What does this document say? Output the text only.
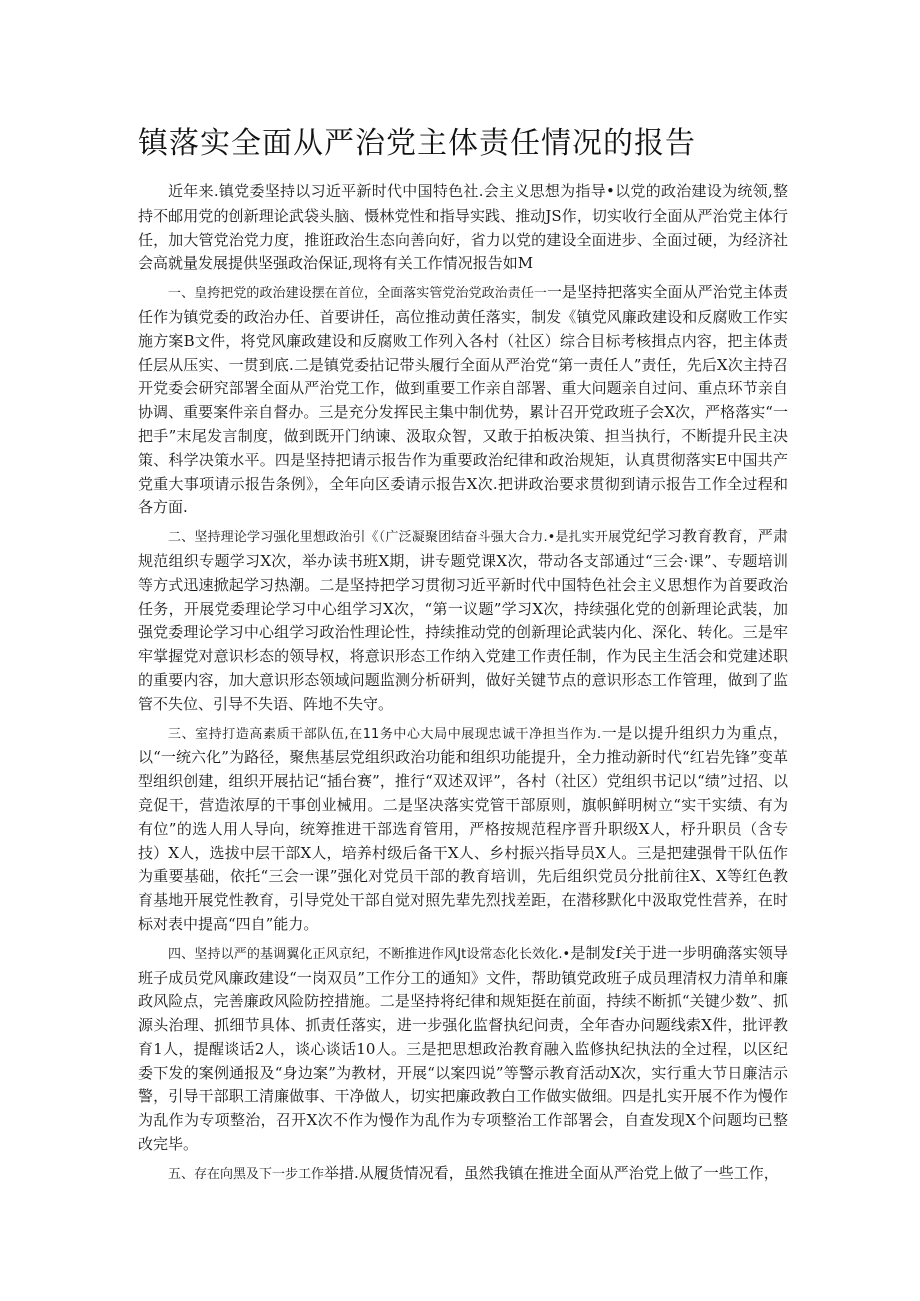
镇落实全面从严治党主体责任情况的报告

近年来.镇党委坚持以习近平新时代中国特色社.会主义思想为指导•以党的政治建设为统领,整持不邮用党的创新理论武袋头脑、慑林党性和指导实践、推动JS作，切实收行全面从严治党主体行任，加大管党治党力度，推诳政治生态向善向好，省力以党的建设全面进步、全面过硬，为经济社会高就量发展提供坚强政治保证,现将有关工作情况报告如M

一、皇挎把党的政治建设摆在首位，全面落实管党治党政治责任一一是坚持把落实全面从严治党主体责任作为镇党委的政治办任、首要讲任，高位推动黄任落实，制发《镇党风廉政建设和反腐败工作实施方案B文件，将党风廉政建设和反腐败工作列入各村（社区）综合目标考核揖点内容，把主体责任层从压实、一贯到底.二是镇党委拈记带头履行全面从严治党“第一责任人”责任，先后X次主持召开党委会研究部署全面从严治党工作，做到重要工作亲自部署、重大问题亲自过问、重点环节亲自协调、重要案件亲自督办。三是充分发挥民主集中制优势，累计召开党政班子会X次，严格落实“一把手”末尾发言制度，做到既开门纳谏、汲取众智，又敢于拍板决策、担当执行，不断提升民主决策、科学决策水平。四是坚持把请示报告作为重要政治纪律和政治规矩，认真贯彻落实E中国共产党重大事项请示报告条例》，全年向区委请示报告X次.把讲政治要求贯彻到请示报告工作全过程和各方面.

二、坚持理论学习强化里想政治引《（广泛凝聚团结奋斗强大合力.•是扎实开展党纪学习教育教育，严肃规范组织专题学习X次，举办读书班X期，讲专题党课X次，带动各支部通过“三会·课”、专题培训等方式迅速掀起学习热潮。二是坚持把学习贯彻习近平新时代中国特色社会主义思想作为首要政治任务，开展党委理论学习中心组学习X次，“第一议题”学习X次，持续强化党的创新理论武装，加强党委理论学习中心组学习政治性理论性，持续推动党的创新理论武装内化、深化、转化。三是牢牢掌握党对意识杉态的领导权，将意识形态工作纳入党建工作责任制，作为民主生活会和党建述职的重要内容，加大意识形态领域问题监测分析研判，做好关键节点的意识形态工作管理，做到了监管不失位、引导不失语、阵地不失守。

三、室持打造高素质干部队伍,在11务中心大局中展现忠诚干净担当作为.一是以提升组织力为重点，以“一统六化”为路径，聚焦基层党组织政治功能和组织功能提升，全力推动新时代“红岩先锋”变革型组织创建，组织开展拈记“插台赛”，推行“双述双评”，各村（社区）党组织书记以“绩”过招、以竞促干，营造浓厚的干事创业械用。二是坚决落实党管干部原则，旗帜鲜明树立“实干实绩、有为有位”的选人用人导向，统筹推进干部选育管用，严格按规范程序晋升职级X人，杼升职员（含专技）X人，选拔中层干部X人，培养村级后备干X人、乡村振兴指导员X人。三是把建强骨干队伍作为重要基础，依托“三会一课”强化对党员干部的教育培训，先后组织党员分批前往X、X等红色教育基地开展党性教育，引导党处干部自觉对照先辈先烈找差距，在潜移默化中汲取党性营养，在时标对表中提高“四自”能力。

四、坚持以严的基调翼化正风京纪，不断推进作风Jt设常态化长效化.•是制发f关于进一步明确落实领导班子成员党风廉政建设“一岗双员”工作分工的通知》文件，帮助镇党政班子成员理清权力清单和廉政风险点，完善廉政风险防控措施。二是坚持将纪律和规矩挺在前面，持续不断抓“关键少数”、抓源头治理、抓细节具体、抓责任落实，进一步强化监督执纪问责，全年杳办问题线索X件，批评教育1人，提醒谈话2人，谈心谈话10人。三是把思想政治教育融入监修执纪执法的全过程，以区纪委下发的案例通报及“身边案”为教材，开展“以案四说”等警示教育活动X次，实行重大节日廉洁示警，引导干部职工清廉做事、干净做人，切实把廉政教白工作做实做细。四是扎实开展不作为慢作为乱作为专项整治，召开X次不作为慢作为乱作为专项整治工作部署会，自查发现X个问题均已整改完毕。

五、存在向黑及下一步工作举措.从履货情况看，虽然我镇在推进全面从严治党上做了一些工作，
